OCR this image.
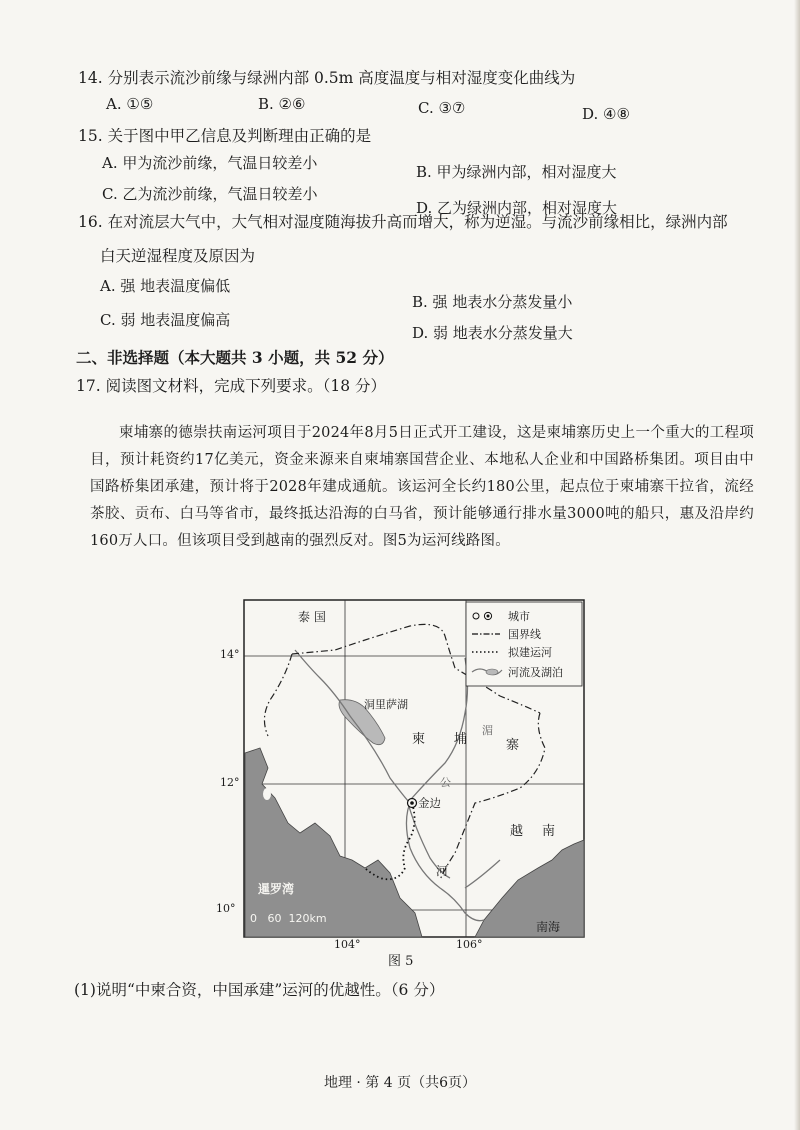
14. 分别表示流沙前缘与绿洲内部 0.5m 高度温度与相对湿度变化曲线为
A. ①⑤	B. ②⑥	C. ③⑦	D. ④⑧
15. 关于图中甲乙信息及判断理由正确的是
A. 甲为流沙前缘，气温日较差小	B. 甲为绿洲内部，相对湿度大
C. 乙为流沙前缘，气温日较差小
D. 乙为绿洲内部，相对湿度大
16. 在对流层大气中，大气相对湿度随海拔升高而增大，称为逆湿。与流沙前缘相比，绿洲内部
白天逆湿程度及原因为
A. 强 地表温度偏低
B. 强 地表水分蒸发量小
C. 弱 地表温度偏高
D. 弱 地表水分蒸发量大
二、非选择题（本大题共 3 小题，共 52 分）
17. 阅读图文材料，完成下列要求。（18 分）
柬埔寨的德崇扶南运河项目于2024年8月5日正式开工建设，这是柬埔寨历史上一个重大的工程项目，预计耗资约17亿美元，资金来源来自柬埔寨国营企业、本地私人企业和中国路桥集团。项目由中国路桥集团承建，预计将于2028年建成通航。该运河全长约180公里，起点位于柬埔寨干拉省，流经茶胶、贡布、白马等省市，最终抵达沿海的白马省，预计能够通行排水量3000吨的船只，惠及沿岸约160万人口。但该项目受到越南的强烈反对。图5为运河线路图。
泰 国
洞里萨湖
柬 埔	寨
湄
公
金边
越 南
河
暹罗湾
南海
0   60  120km
城市
国界线
拟建运河
河流及湖泊
14°
12°
10°
104°	106°
图 5
(1)说明“中柬合资，中国承建”运河的优越性。（6 分）
地理 · 第 4 页（共6页）
